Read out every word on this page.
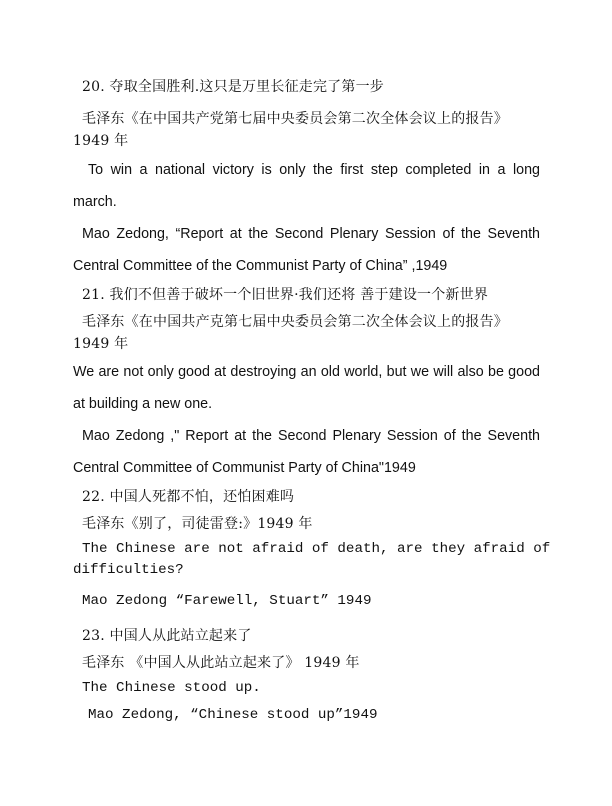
20. 夺取全国胜利.这只是万里长征走完了第一步

毛泽东《在中国共产党第七届中央委员会第二次全体会议上的报告》

1949 年

To win a national victory is only the first step completed in a long

march.

Mao Zedong, “Report at the Second Plenary Session of the Seventh

Central Committee of the Communist Party of China” ,1949

21. 我们不但善于破坏一个旧世界·我们还将 善于建设一个新世界

毛泽东《在中国共产克第七届中央委员会第二次全体会议上的报告》

1949 年

We are not only good at destroying an old world, but we will also be good

at building a new one.

Mao Zedong ," Report at the Second Plenary Session of the Seventh

Central Committee of Communist Party of China"1949

22. 中国人死都不怕，还怕困难吗

毛泽东《别了，司徒雷登:》1949 年

The Chinese are not afraid of death, are they afraid of

difficulties?

Mao Zedong “Farewell, Stuart” 1949

23. 中国人从此站立起来了

毛泽东 《中国人从此站立起来了》 1949 年

The Chinese stood up.

Mao Zedong, “Chinese stood up”1949
